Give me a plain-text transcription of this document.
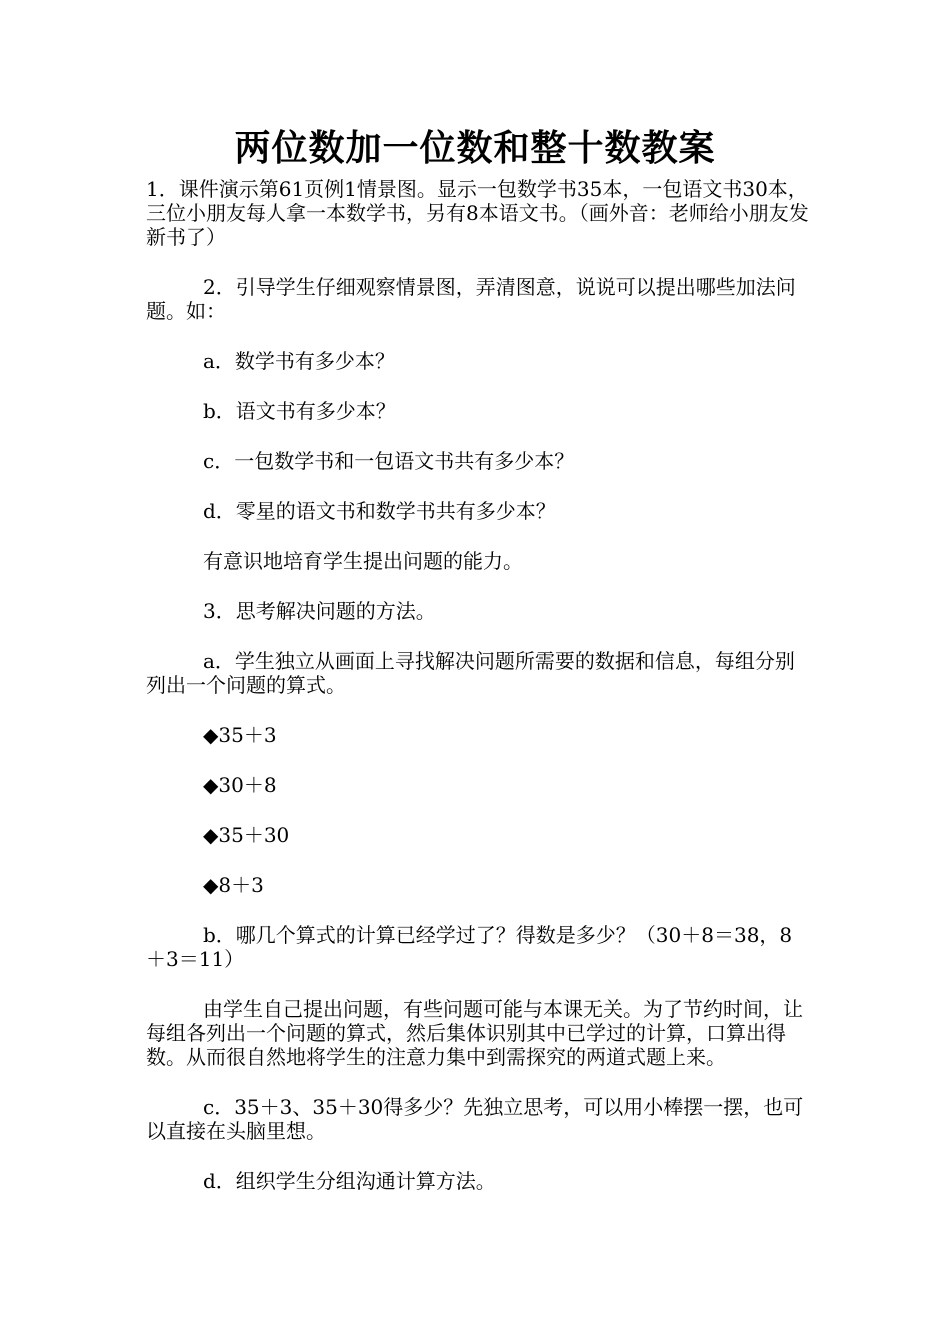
两位数加一位数和整十数教案

1．课件演示第61页例1情景图。显示一包数学书35本，一包语文书30本，三位小朋友每人拿一本数学书，另有8本语文书。（画外音：老师给小朋友发新书了）

2．引导学生仔细观察情景图，弄清图意，说说可以提出哪些加法问题。如：

a．数学书有多少本？

b．语文书有多少本？

c．一包数学书和一包语文书共有多少本？

d．零星的语文书和数学书共有多少本？

有意识地培育学生提出问题的能力。

3．思考解决问题的方法。

a．学生独立从画面上寻找解决问题所需要的数据和信息，每组分别列出一个问题的算式。

◆35＋3

◆30＋8

◆35＋30

◆8＋3

b．哪几个算式的计算已经学过了？得数是多少？（30＋8＝38，8＋3＝11）

由学生自己提出问题，有些问题可能与本课无关。为了节约时间，让每组各列出一个问题的算式，然后集体识别其中已学过的计算，口算出得数。从而很自然地将学生的注意力集中到需探究的两道式题上来。

c．35＋3、35＋30得多少？先独立思考，可以用小棒摆一摆，也可以直接在头脑里想。

d．组织学生分组沟通计算方法。
